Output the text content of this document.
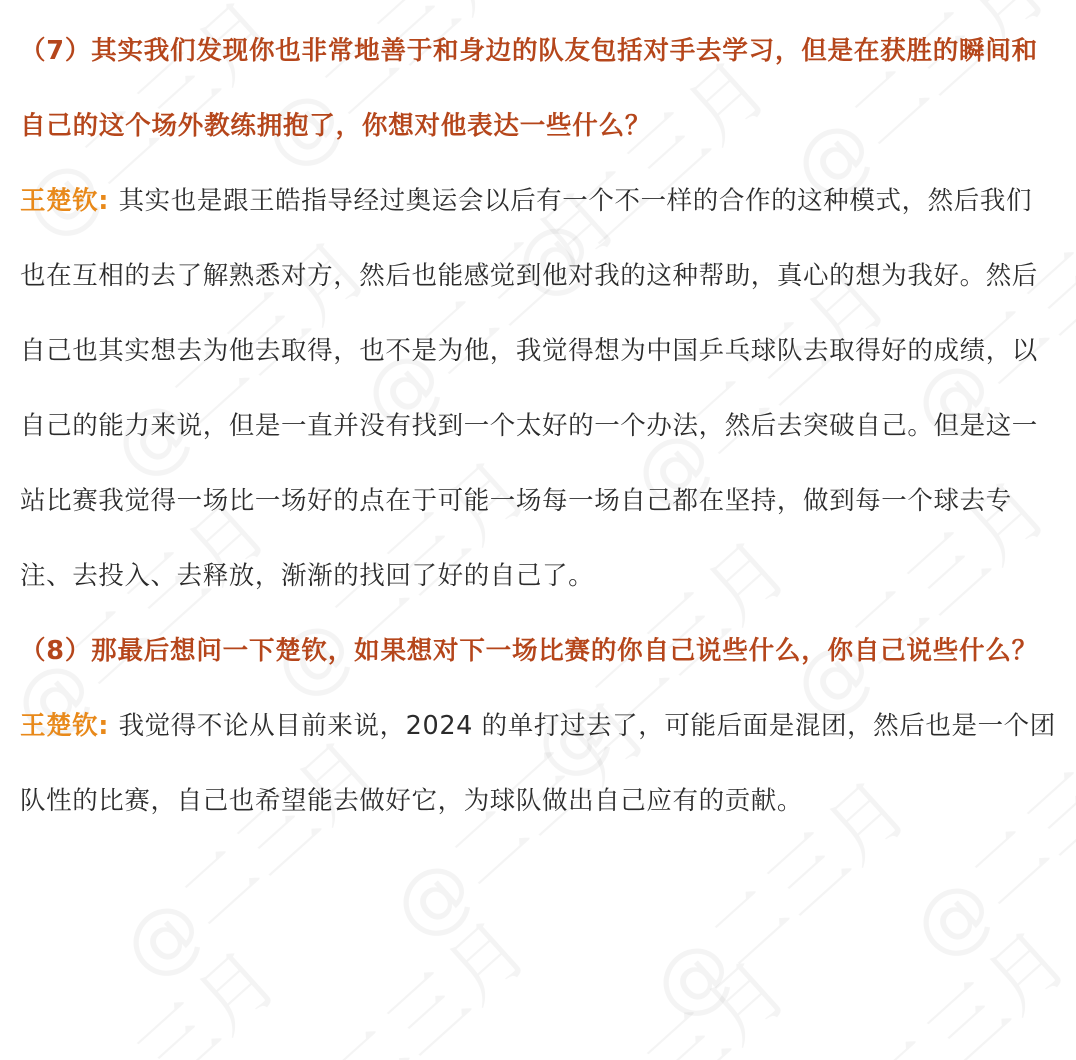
（7）其实我们发现你也非常地善于和身边的队友包括对手去学习，但是在获胜的瞬间和自己的这个场外教练拥抱了，你想对他表达一些什么？

王楚钦: 其实也是跟王皓指导经过奥运会以后有一个不一样的合作的这种模式，然后我们也在互相的去了解熟悉对方，然后也能感觉到他对我的这种帮助，真心的想为我好。然后自己也其实想去为他去取得，也不是为他，我觉得想为中国乒乓球队去取得好的成绩，以自己的能力来说，但是一直并没有找到一个太好的一个办法，然后去突破自己。但是这一站比赛我觉得一场比一场好的点在于可能一场每一场自己都在坚持，做到每一个球去专注、去投入、去释放，渐渐的找回了好的自己了。

（8）那最后想问一下楚钦，如果想对下一场比赛的你自己说些什么，你自己说些什么？

王楚钦: 我觉得不论从目前来说，2024 的单打过去了，可能后面是混团，然后也是一个团队性的比赛，自己也希望能去做好它，为球队做出自己应有的贡献。
